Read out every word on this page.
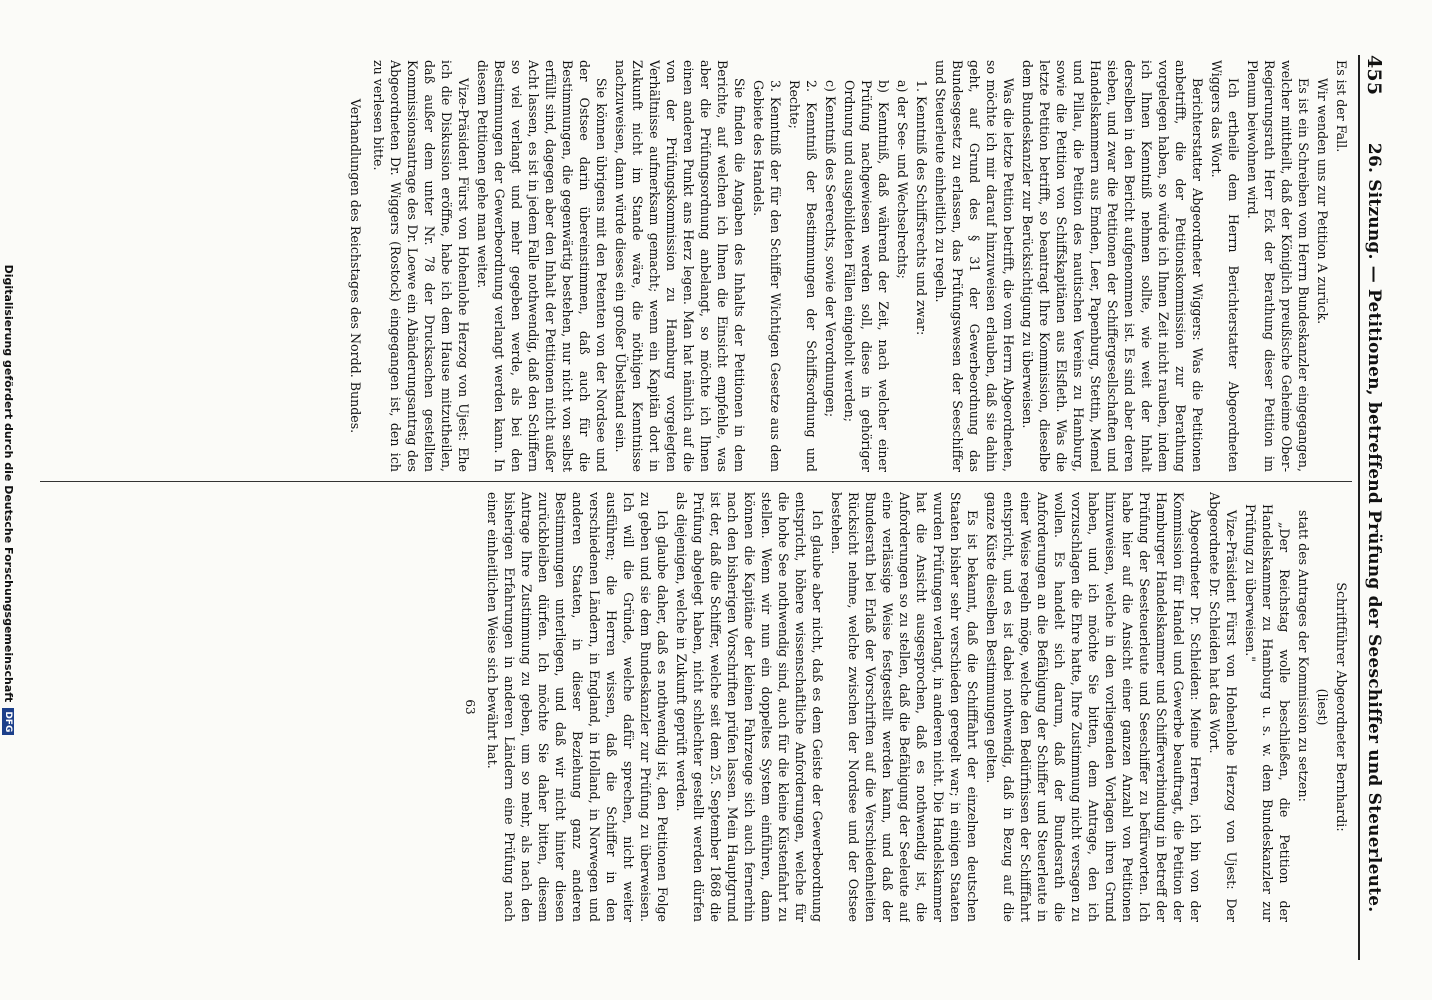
455
26. Sitzung. — Petitionen, betreffend Prüfung der Seeschiffer und Steuerleute.

Es ist der Fall.

Wir wenden uns zur Petition A zurück.

Es ist ein Schreiben vom Herrn Bundeskanzler eingegangen, welcher mittheilt, daß der Königlich preußische Geheime Ober-Regierungsrath Herr Eck der Berathung dieser Petition im Plenum beiwohnen wird.

Ich ertheile dem Herrn Berichterstatter Abgeordneten Wiggers das Wort.

Berichterstatter Abgeordneter Wiggers: Was die Petitionen anbetrifft, die der Petitionskommission zur Berathung vorgelegen haben, so würde ich Ihnen Zeit nicht rauben, indem ich Ihnen Kenntniß nehmen sollte, wie weit der Inhalt derselben in den Bericht aufgenommen ist. Es sind aber deren sieben, und zwar die Petitionen der Schiffergesellschaften und Handelskammern aus Emden, Leer, Papenburg, Stettin, Memel und Pillau, die Petition des nautischen Vereins zu Hamburg, sowie die Petition von Schiffskapitänen aus Elsfleth. Was die letzte Petition betrifft, so beantragt Ihre Kommission, dieselbe dem Bundeskanzler zur Berücksichtigung zu überweisen.

Was die letzte Petition betrifft, die vom Herrn Abgeordneten, so möchte ich mir darauf hinzuweisen erlauben, daß sie dahin geht, auf Grund des § 31 der Gewerbeordnung das Bundesgesetz zu erlassen, das Prüfungswesen der Seeschiffer und Steuerleute einheitlich zu regeln.

1. Kenntniß des Schiffsrechts und zwar:

a) der See- und Wechselrechts;

b) Kenntniß, daß während der Zeit, nach welcher einer Prüfung nachgewiesen werden soll, diese in gehöriger Ordnung und ausgebildeten Fällen eingeholt werden;

c) Kenntniß des Seerechts, sowie der Verordnungen;

2. Kenntniß der Bestimmungen der Schiffsordnung und Rechte;

3. Kenntniß der für den Schiffer Wichtigen Gesetze aus dem Gebiete des Handels.

Sie finden die Angaben des Inhalts der Petitionen in dem Berichte, auf welchen ich Ihnen die Einsicht empfehle, was aber die Prüfungsordnung anbelangt, so möchte ich Ihnen einen anderen Punkt ans Herz legen. Man hat nämlich auf die von der Prüfungskommission zu Hamburg vorgelegten Verhältnisse aufmerksam gemacht; wenn ein Kapitän dort in Zukunft nicht im Stande wäre, die nöthigen Kenntnisse nachzuweisen, dann würde dieses ein großer Übelstand sein.

Sie können übrigens mit den Petenten von der Nordsee und der Ostsee darin übereinstimmen, daß auch für die Bestimmungen, die gegenwärtig bestehen, nur nicht von selbst erfüllt sind, dagegen aber den Inhalt der Petitionen nicht außer Acht lassen, es ist in jedem Falle nothwendig, daß den Schiffern so viel verlangt und mehr gegeben werde, als bei den Bestimmungen der Gewerbeordnung verlangt werden kann. In diesem Petitionen gehe man weiter.

Vize-Präsident Fürst von Hohenlohe Herzog von Ujest: Ehe ich die Diskussion eröffne, habe ich dem Hause mitzutheilen, daß außer dem unter Nr. 78 der Drucksachen gestellten Kommissionsantrage des Dr. Loewe ein Abänderungsantrag des Abgeordneten Dr. Wiggers (Rostock) eingegangen ist, den ich zu verlesen bitte.

Verhandlungen des Reichstages des Nordd. Bundes.

Schriftführer Abgeordneter Bernhardi:

(liest)

statt des Antrages der Kommission zu setzen:

„Der Reichstag wolle beschließen, die Petition der Handelskammer zu Hamburg u. s. w. dem Bundeskanzler zur Prüfung zu überweisen."

Vize-Präsident Fürst von Hohenlohe Herzog von Ujest: Der Abgeordnete Dr. Schleiden hat das Wort.

Abgeordneter Dr. Schleiden: Meine Herren, ich bin von der Kommission für Handel und Gewerbe beauftragt, die Petition der Hamburger Handelskammer und Schifferverbindung in Betreff der Prüfung der Seesteuerleute und Seeschiffer zu befürworten. Ich habe hier auf die Ansicht einer ganzen Anzahl von Petitionen hinzuweisen, welche in den vorliegenden Vorlagen ihren Grund haben, und ich möchte Sie bitten, dem Antrage, den ich vorzuschlagen die Ehre hatte, Ihre Zustimmung nicht versagen zu wollen. Es handelt sich darum, daß der Bundesrath die Anforderungen an die Befähigung der Schiffer und Steuerleute in einer Weise regeln möge, welche den Bedürfnissen der Schifffahrt entspricht, und es ist dabei nothwendig, daß in Bezug auf die ganze Küste dieselben Bestimmungen gelten.

Es ist bekannt, daß die Schifffahrt der einzelnen deutschen Staaten bisher sehr verschieden geregelt war; in einigen Staaten wurden Prüfungen verlangt, in anderen nicht. Die Handelskammer hat die Ansicht ausgesprochen, daß es nothwendig ist, die Anforderungen so zu stellen, daß die Befähigung der Seeleute auf eine verlässige Weise festgestellt werden kann, und daß der Bundesrath bei Erlaß der Vorschriften auf die Verschiedenheiten Rücksicht nehme, welche zwischen der Nordsee und der Ostsee bestehen.

Ich glaube aber nicht, daß es dem Geiste der Gewerbeordnung entspricht, höhere wissenschaftliche Anforderungen, welche für die hohe See nothwendig sind, auch für die kleine Küstenfahrt zu stellen. Wenn wir nun ein doppeltes System einführen, dann können die Kapitäne der kleinen Fahrzeuge sich auch fernerhin nach den bisherigen Vorschriften prüfen lassen. Mein Hauptgrund ist der, daß die Schiffer, welche seit dem 25. September 1868 die Prüfung abgelegt haben, nicht schlechter gestellt werden dürfen als diejenigen, welche in Zukunft geprüft werden.

Ich glaube daher, daß es nothwendig ist, den Petitionen Folge zu geben und sie dem Bundeskanzler zur Prüfung zu überweisen. Ich will die Gründe, welche dafür sprechen, nicht weiter ausführen; die Herren wissen, daß die Schiffer in den verschiedenen Ländern, in England, in Holland, in Norwegen und anderen Staaten, in dieser Beziehung ganz anderen Bestimmungen unterliegen, und daß wir nicht hinter diesen zurückbleiben dürfen. Ich möchte Sie daher bitten, diesem Antrage Ihre Zustimmung zu geben, um so mehr, als nach den bisherigen Erfahrungen in anderen Ländern eine Prüfung nach einer einheitlichen Weise sich bewährt hat.

63
Digitalisierung gefördert durch die Deutsche Forschungsgemeinschaft
DFG
